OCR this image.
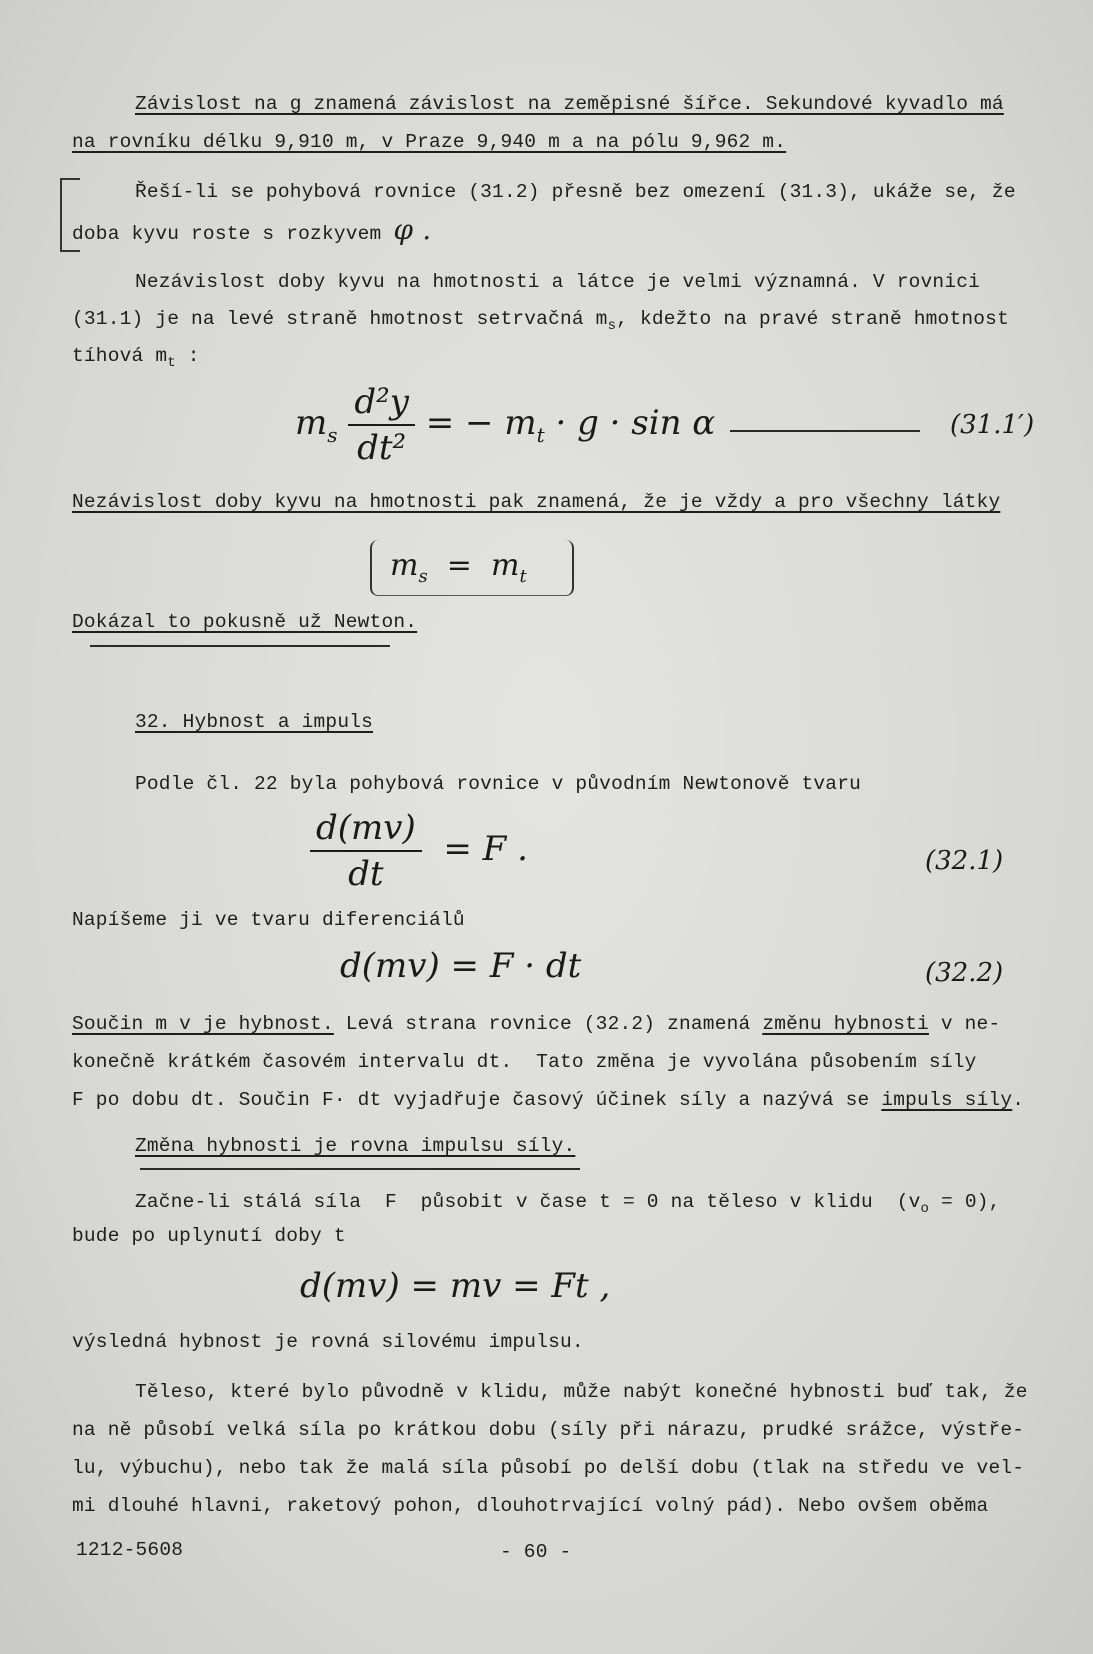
Závislost na g znamená závislost na zeměpisné šířce. Sekundové kyvadlo má
na rovníku délku 9,910 m, v Praze 9,940 m a na pólu 9,962 m.
Řeší-li se pohybová rovnice (31.2) přesně bez omezení (31.3), ukáže se, že
doba kyvu roste s rozkyvem φ .
Nezávislost doby kyvu na hmotnosti a látce je velmi významná. V rovnici
(31.1) je na levé straně hmotnost setrvačná $m_s$, kdežto na pravé straně hmotnost
tíhová $m_t$ :
$m_s \frac{\text{d²y}}{\text{dt²}}$ = − $m_t \cdot g \cdot \sin \alpha$	(31.1′)
Nezávislost doby kyvu na hmotnosti pak znamená, že je vždy a pro všechny látky
$m_s = m_t$
Dokázal to pokusně už Newton.
32. Hybnost a impuls
Podle čl. 22 byla pohybová rovnice v původním Newtonově tvaru
$\frac{d(mv)}{dt} = F$ .	(32.1)
Napíšeme ji ve tvaru diferenciálů
d(mv) = F · dt	(32.2)
Součin m v je hybnost. Levá strana rovnice (32.2) znamená změnu hybnosti v ne-
konečně krátkém časovém intervalu dt.  Tato změna je vyvolána působením síly
F po dobu dt. Součin F· dt vyjadřuje časový účinek síly a nazývá se impuls síly.
Změna hybnosti je rovna impulsu síly.
Začne-li stálá síla  F  působit v čase t = 0 na těleso v klidu  $(v_o = 0)$,
bude po uplynutí doby t
d(mv) = mv = Ft ,
výsledná hybnost je rovná silovému impulsu.
Těleso, které bylo původně v klidu, může nabýt konečné hybnosti buď tak, že
na ně působí velká síla po krátkou dobu (síly při nárazu, prudké srážce, výstře-
lu, výbuchu), nebo tak že malá síla působí po delší dobu (tlak na středu ve vel-
mi dlouhé hlavni, raketový pohon, dlouhotrvající volný pád). Nebo ovšem oběma
1212-5608	- 60 -
